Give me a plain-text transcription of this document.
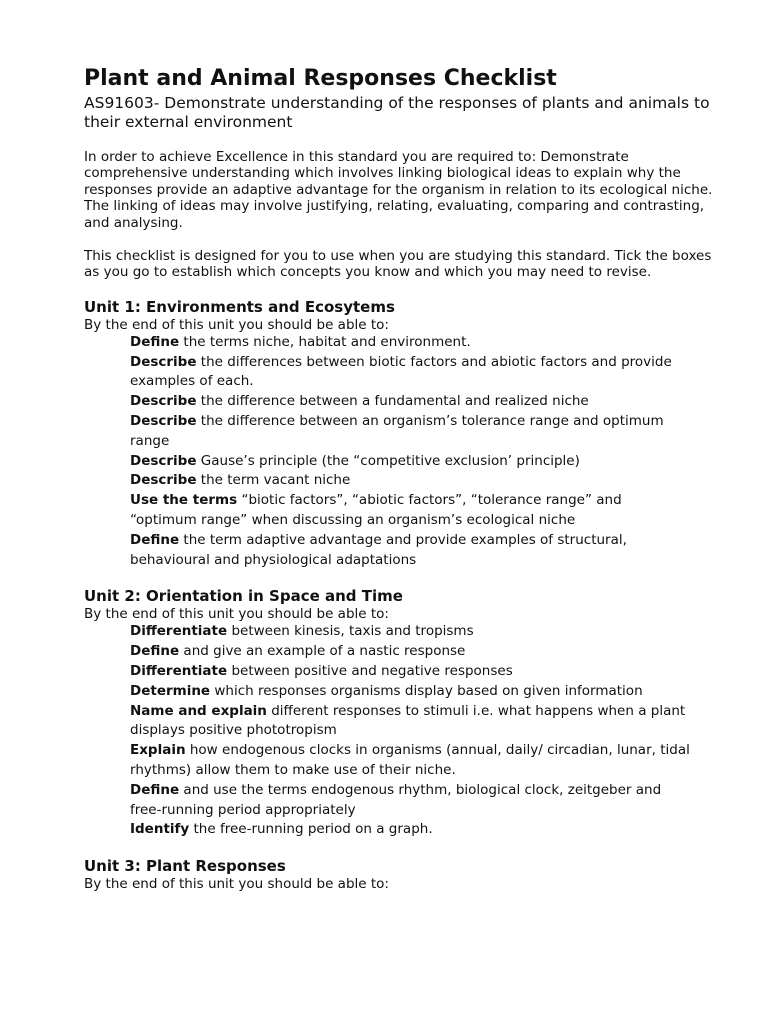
Plant and Animal Responses Checklist

AS91603- Demonstrate understanding of the responses of plants and animals to their external environment

In order to achieve Excellence in this standard you are required to: Demonstrate comprehensive understanding which involves linking biological ideas to explain why the responses provide an adaptive advantage for the organism in relation to its ecological niche. The linking of ideas may involve justifying, relating, evaluating, comparing and contrasting, and analysing.

This checklist is designed for you to use when you are studying this standard. Tick the boxes as you go to establish which concepts you know and which you may need to revise.

Unit 1: Environments and Ecosytems

By the end of this unit you should be able to:

Define the terms niche, habitat and environment.
Describe the differences between biotic factors and abiotic factors and provide examples of each.
Describe the difference between a fundamental and realized niche
Describe the difference between an organism’s tolerance range and optimum range
Describe Gause’s principle (the “competitive exclusion’ principle)
Describe the term vacant niche
Use the terms “biotic factors”, “abiotic factors”, “tolerance range” and “optimum range” when discussing an organism’s ecological niche
Define the term adaptive advantage and provide examples of structural, behavioural and physiological adaptations
Unit 2: Orientation in Space and Time

By the end of this unit you should be able to:

Differentiate between kinesis, taxis and tropisms
Define and give an example of a nastic response
Differentiate between positive and negative responses
Determine which responses organisms display based on given information
Name and explain different responses to stimuli i.e. what happens when a plant displays positive phototropism
Explain how endogenous clocks in organisms (annual, daily/ circadian, lunar, tidal rhythms) allow them to make use of their niche.
Define and use the terms endogenous rhythm, biological clock, zeitgeber and free-running period appropriately
Identify the free-running period on a graph.
Unit 3: Plant Responses

By the end of this unit you should be able to:
